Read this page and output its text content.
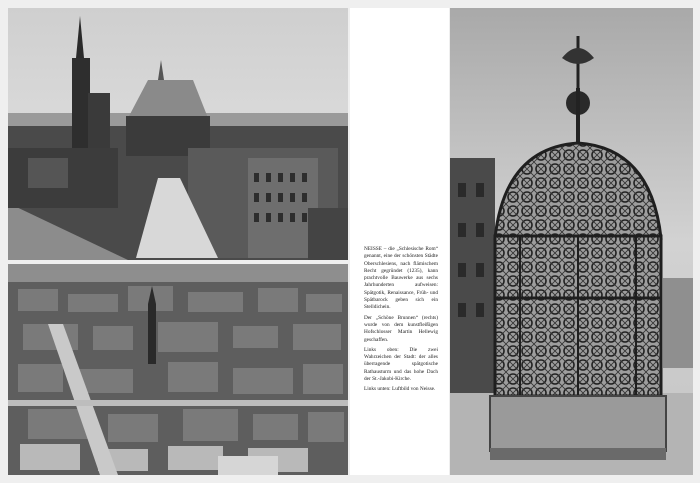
NEISSE – die „Schlesische Rom“ genannt, eine der schönsten Städte Oberschlesiens, nach flämischem Recht gegründet (1235), kann prachtvolle Bauwerke aus sechs Jahrhunderten aufweisen: Spätgotik, Renaissance, Früh- und Spätbarock geben sich ein Stelldichein.

Der „Schöne Brunnen“ (rechts) wurde von dem kunstfleißigen Hofschlosser Martin Hellewig geschaffen.

Links oben: Die zwei Wahrzeichen der Stadt: der alles überragende spätgotische Rathausturm und das hohe Dach der St.-Jakobi-Kirche.

Links unten: Luftbild von Neisse.
